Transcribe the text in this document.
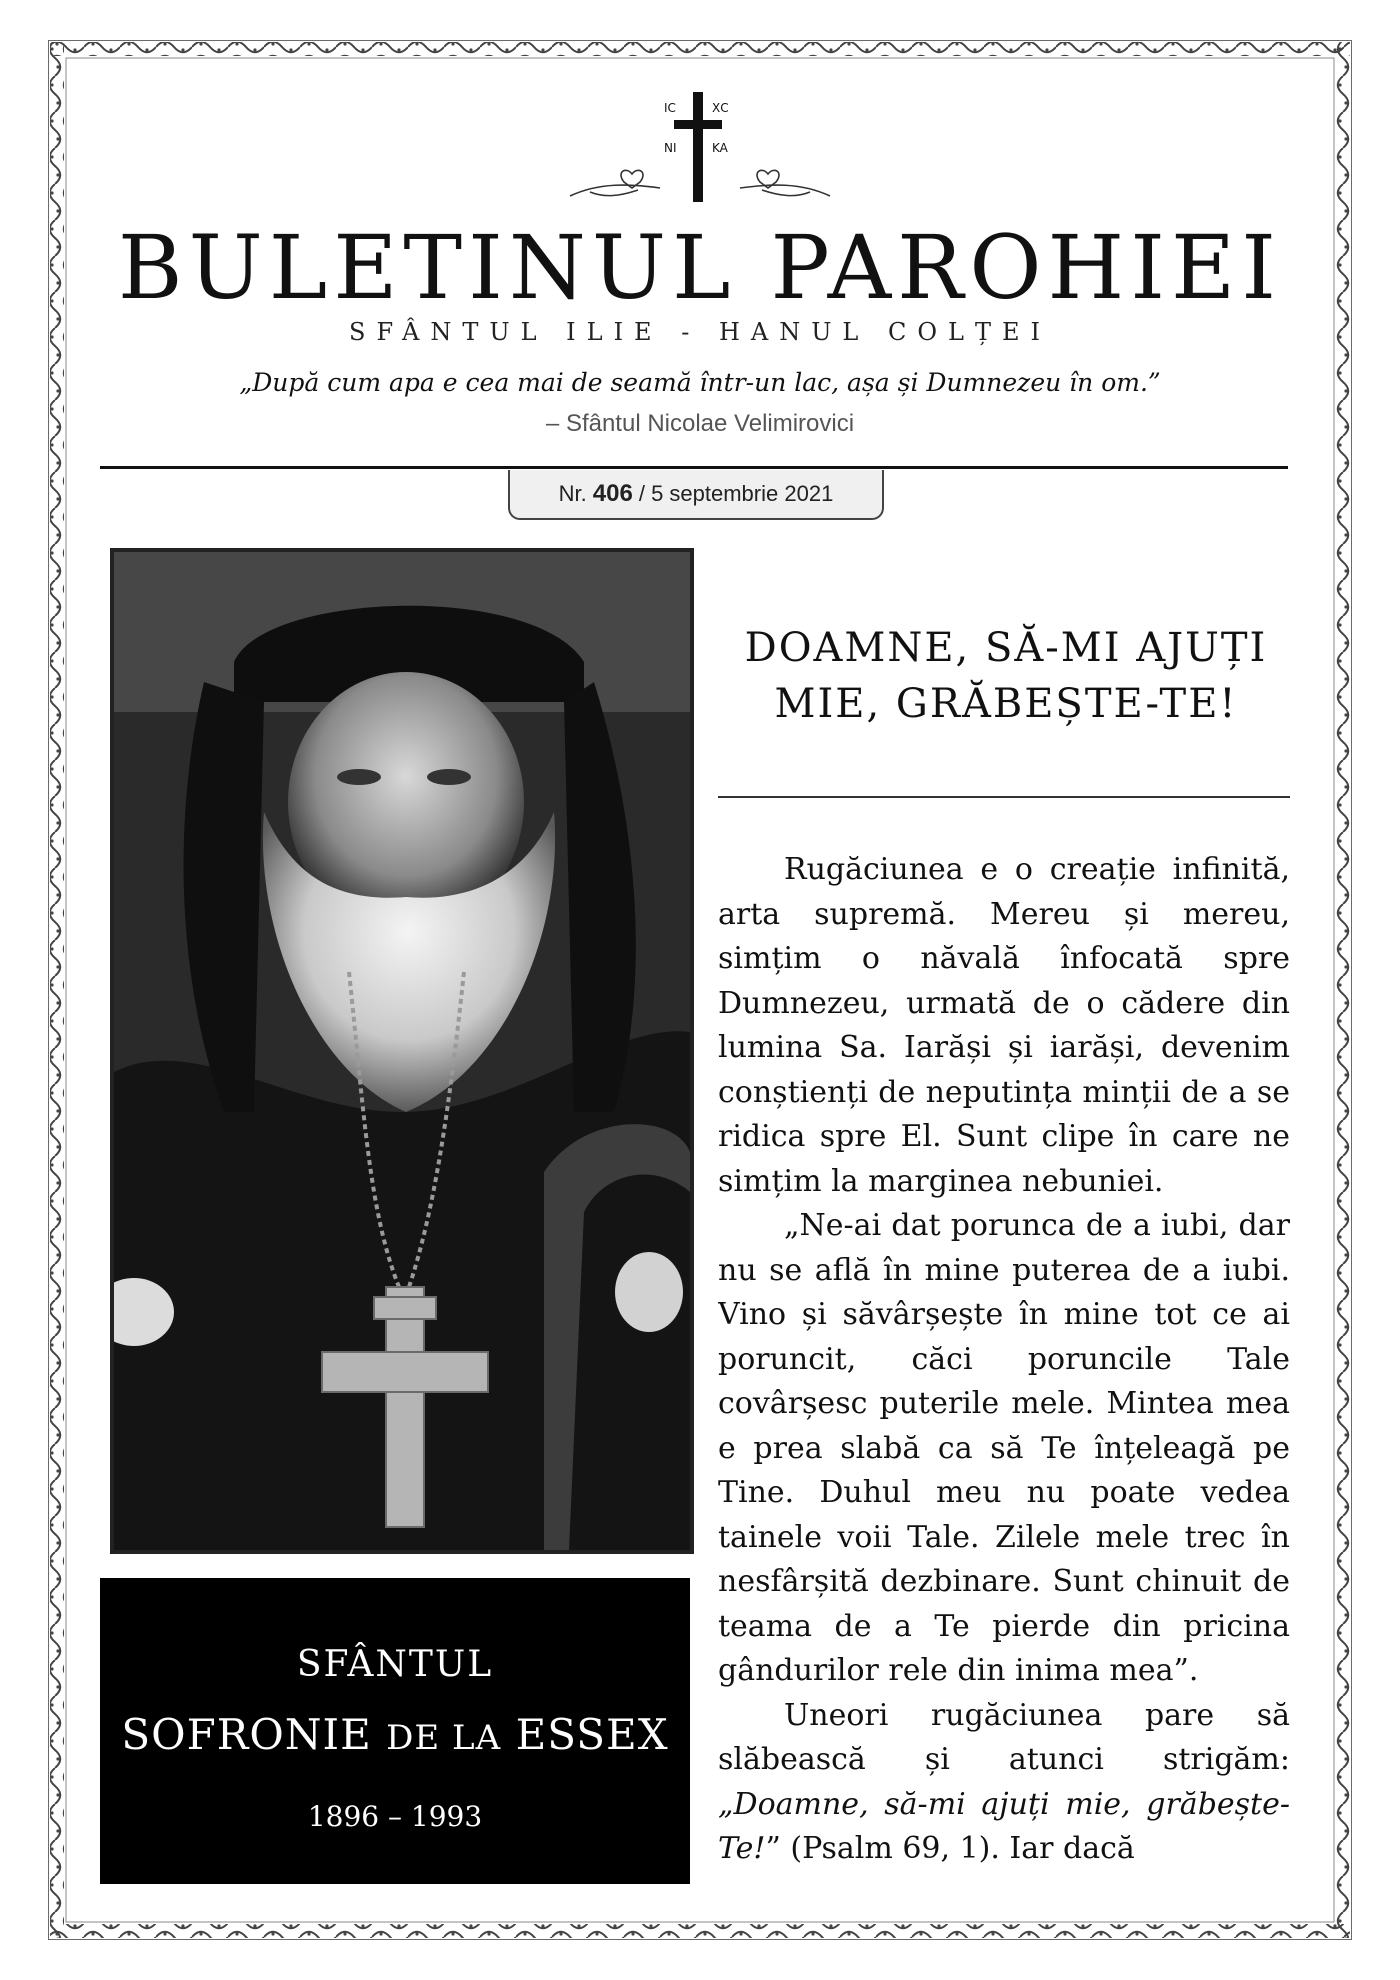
IC	ΧC
NI	KA
BULETINUL PAROHIEI
SFÂNTUL ILIE - HANUL COLȚEI
„După cum apa e cea mai de seamă într-un lac, așa și Dumnezeu în om.”
– Sfântul Nicolae Velimirovici
Nr. 406 / 5 septembrie 2021
SFÂNTUL
SOFRONIE DE LA ESSEX
1896 – 1993
DOAMNE, SĂ-MI AJUȚI MIE, GRĂBEȘTE-TE!

Rugăciunea e o creație infinită, arta supremă. Mereu și mereu, simțim o năvală înfocată spre Dumnezeu, urmată de o cădere din lumina Sa. Iarăși și iarăși, devenim conștienți de neputința minții de a se ridica spre El. Sunt clipe în care ne simțim la marginea nebuniei.

„Ne-ai dat porunca de a iubi, dar nu se află în mine puterea de a iubi. Vino și săvârșește în mine tot ce ai poruncit, căci poruncile Tale covârșesc puterile mele. Mintea mea e prea slabă ca să Te înțeleagă pe Tine. Duhul meu nu poate vedea tainele voii Tale. Zilele mele trec în nesfârșită dezbinare. Sunt chinuit de teama de a Te pierde din pricina gândurilor rele din inima mea”.

Uneori rugăciunea pare să slăbească și atunci strigăm: „Doamne, să-mi ajuți mie, grăbește-Te!” (Psalm 69, 1). Iar dacă
